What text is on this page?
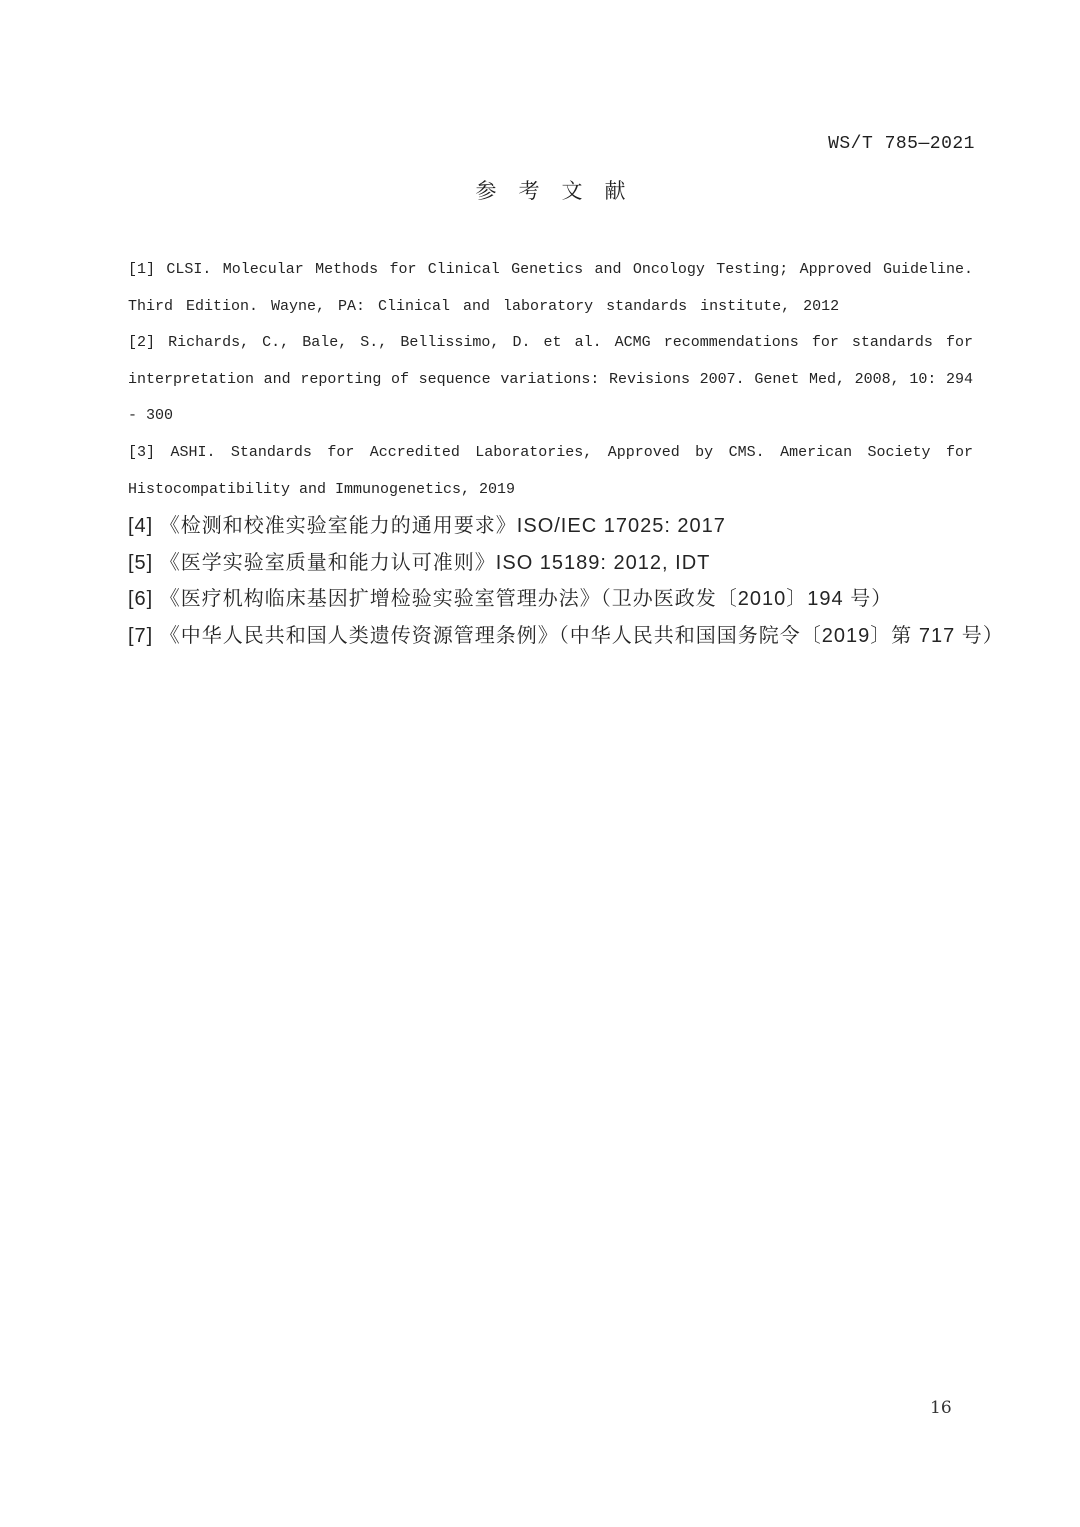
WS/T 785—2021
参考文献
[1] CLSI. Molecular Methods for Clinical Genetics and Oncology Testing; Approved Guideline.
Third Edition. Wayne, PA: Clinical and laboratory standards institute, 2012
[2] Richards, C., Bale, S., Bellissimo, D. et al. ACMG recommendations for standards for
interpretation and reporting of sequence variations: Revisions 2007. Genet Med, 2008, 10: 294
- 300
[3] ASHI. Standards for Accredited Laboratories, Approved by CMS. American Society for
Histocompatibility and Immunogenetics, 2019
[4] 《检测和校准实验室能力的通用要求》ISO/IEC 17025: 2017
[5] 《医学实验室质量和能力认可准则》ISO 15189: 2012, IDT
[6] 《医疗机构临床基因扩增检验实验室管理办法》（卫办医政发〔2010〕194 号）
[7] 《中华人民共和国人类遗传资源管理条例》（中华人民共和国国务院令〔2019〕第 717 号）
16
